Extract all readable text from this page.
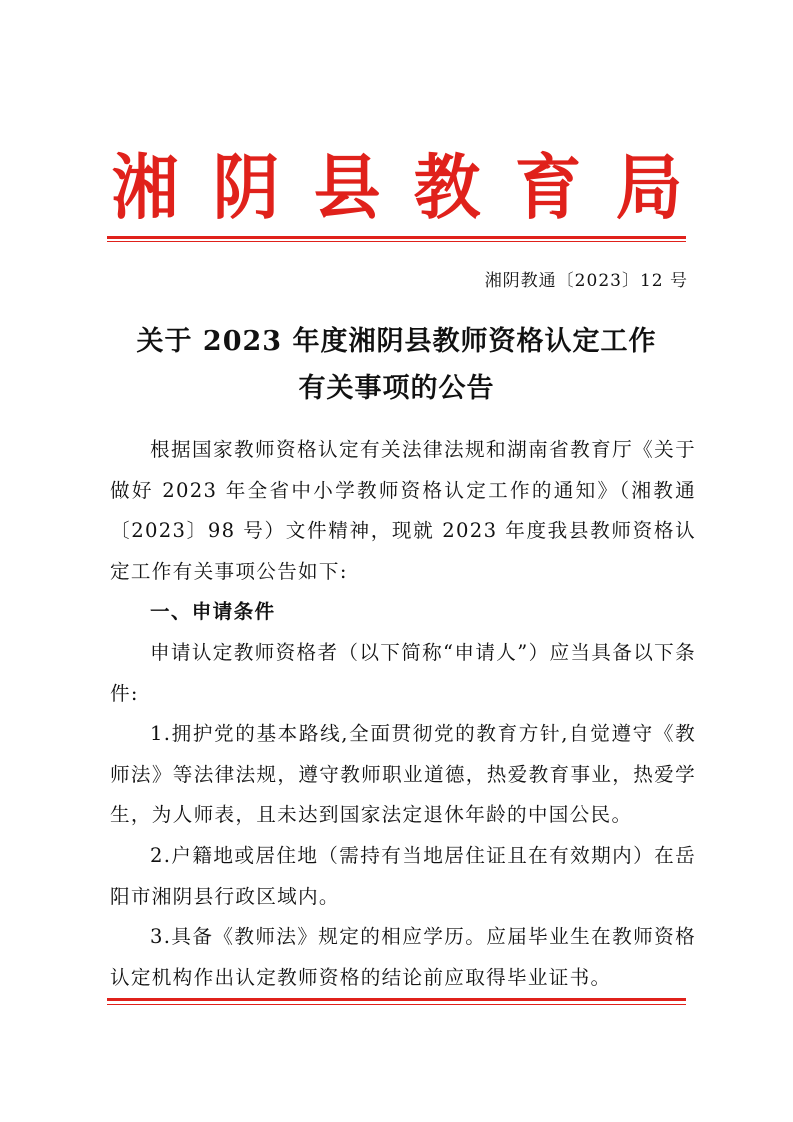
湘 阴 县 教 育 局
湘阴教通〔2023〕12 号
关于 2023 年度湘阴县教师资格认定工作
有关事项的公告

根据国家教师资格认定有关法律法规和湖南省教育厅《关于做好 2023 年全省中小学教师资格认定工作的通知》（湘教通〔2023〕98 号）文件精神，现就 2023 年度我县教师资格认定工作有关事项公告如下:

一、申请条件

申请认定教师资格者（以下简称“申请人”）应当具备以下条件:

1.拥护党的基本路线,全面贯彻党的教育方针,自觉遵守《教师法》等法律法规，遵守教师职业道德，热爱教育事业，热爱学生，为人师表，且未达到国家法定退休年龄的中国公民。

2.户籍地或居住地（需持有当地居住证且在有效期内）在岳阳市湘阴县行政区域内。

3.具备《教师法》规定的相应学历。应届毕业生在教师资格认定机构作出认定教师资格的结论前应取得毕业证书。
